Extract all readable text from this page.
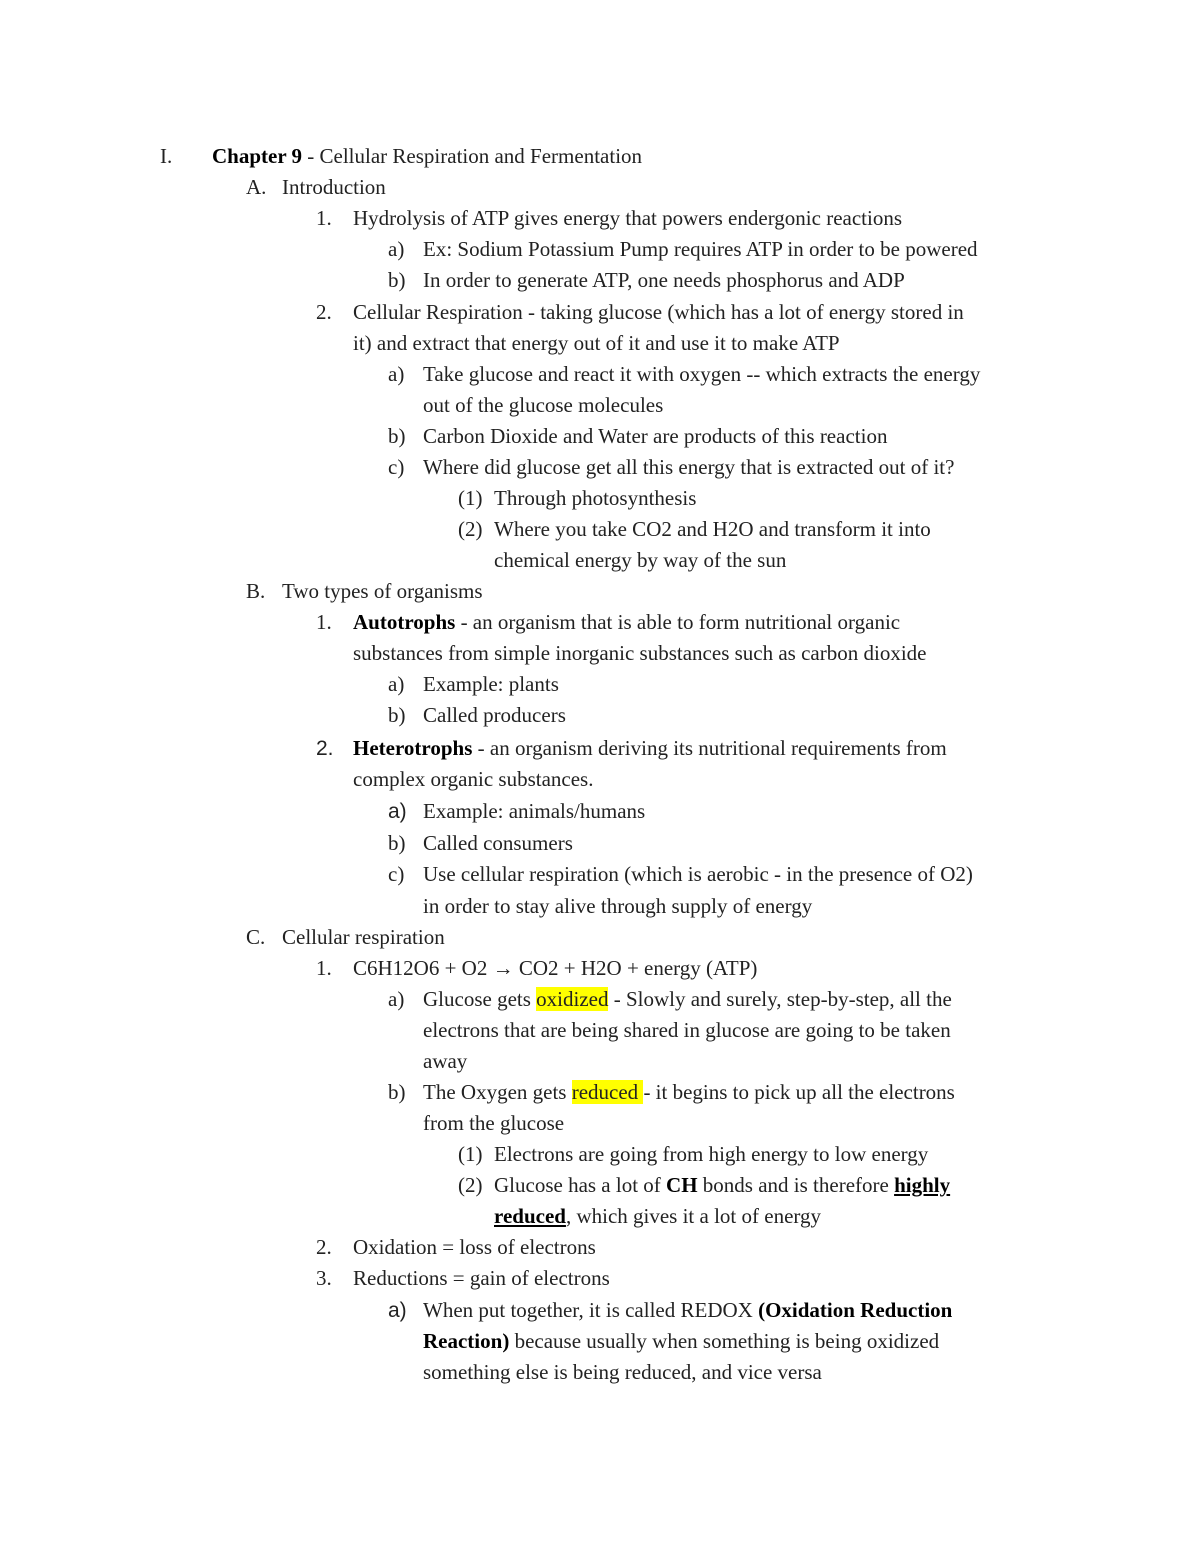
I. Chapter 9 - Cellular Respiration and Fermentation
A. Introduction
1. Hydrolysis of ATP gives energy that powers endergonic reactions
a) Ex: Sodium Potassium Pump requires ATP in order to be powered
b) In order to generate ATP, one needs phosphorus and ADP
2. Cellular Respiration - taking glucose (which has a lot of energy stored in
it) and extract that energy out of it and use it to make ATP
a) Take glucose and react it with oxygen -- which extracts the energy
out of the glucose molecules
b) Carbon Dioxide and Water are products of this reaction
c) Where did glucose get all this energy that is extracted out of it?
(1) Through photosynthesis
(2) Where you take CO2 and H2O and transform it into
chemical energy by way of the sun
B. Two types of organisms
1. Autotrophs - an organism that is able to form nutritional organic
substances from simple inorganic substances such as carbon dioxide
a) Example: plants
b) Called producers
2. Heterotrophs - an organism deriving its nutritional requirements from
complex organic substances.
a) Example: animals/humans
b) Called consumers
c) Use cellular respiration (which is aerobic - in the presence of O2)
in order to stay alive through supply of energy
C. Cellular respiration
1. C6H12O6 + O2 → CO2 + H2O + energy (ATP)
a) Glucose gets oxidized - Slowly and surely, step-by-step, all the
electrons that are being shared in glucose are going to be taken
away
b) The Oxygen gets reduced - it begins to pick up all the electrons
from the glucose
(1) Electrons are going from high energy to low energy
(2) Glucose has a lot of CH bonds and is therefore highly
reduced, which gives it a lot of energy
2. Oxidation = loss of electrons
3. Reductions = gain of electrons
a) When put together, it is called REDOX (Oxidation Reduction
Reaction) because usually when something is being oxidized
something else is being reduced, and vice versa
